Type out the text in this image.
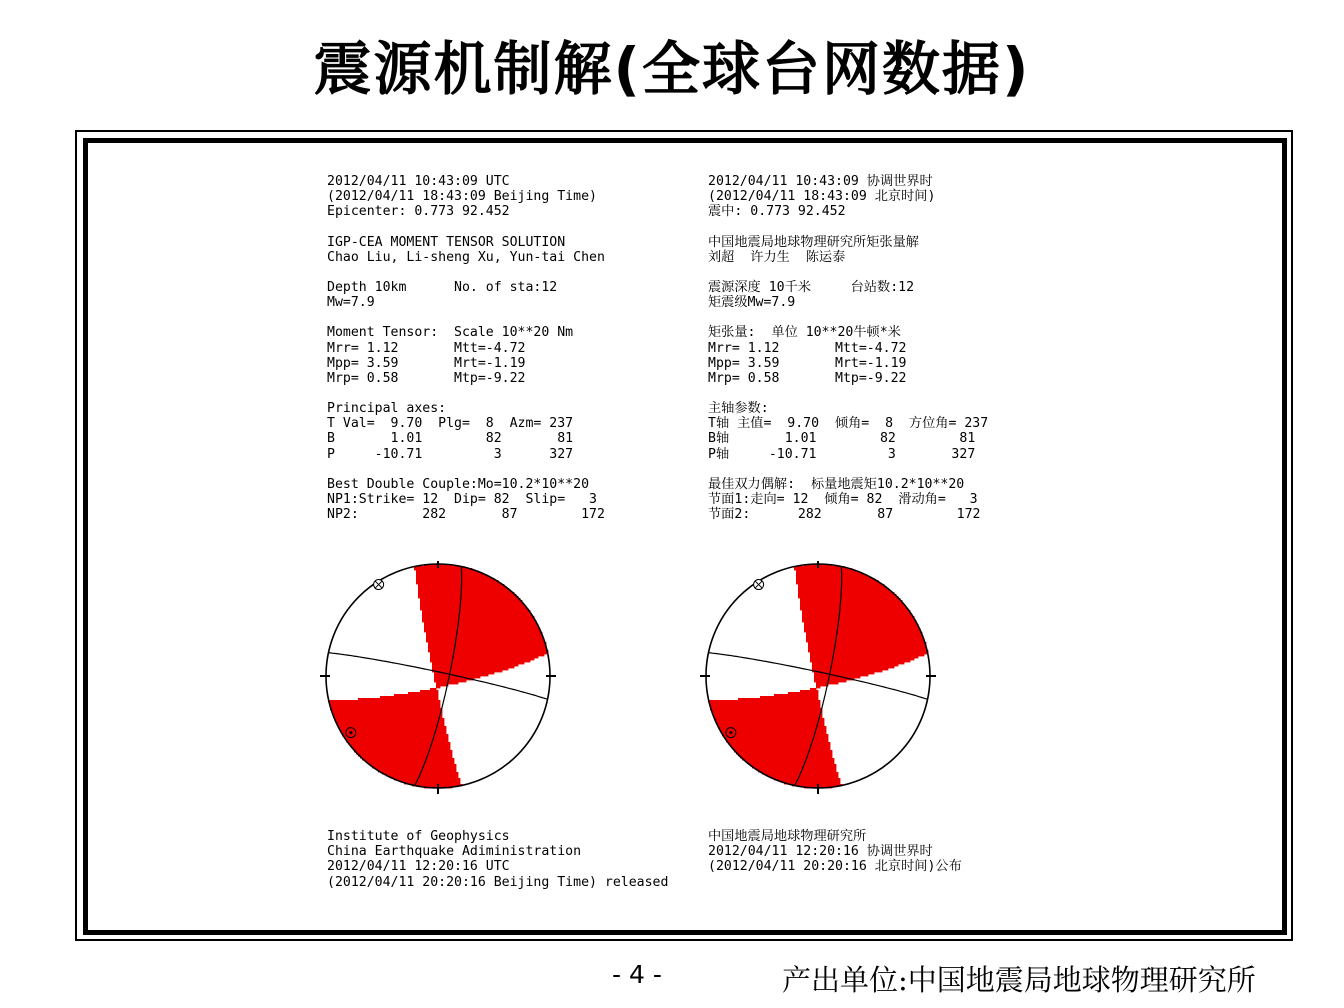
震源机制解(全球台网数据)
2012/04/11 10:43:09 UTC
(2012/04/11 18:43:09 Beijing Time)
Epicenter: 0.773 92.452
IGP-CEA MOMENT TENSOR SOLUTION
Chao Liu, Li-sheng Xu, Yun-tai Chen
Depth 10km      No. of sta:12
Mw=7.9
Moment Tensor:  Scale 10**20 Nm
Mrr= 1.12       Mtt=-4.72
Mpp= 3.59       Mrt=-1.19
Mrp= 0.58       Mtp=-9.22
Principal axes:
T Val=  9.70  Plg=  8  Azm= 237
B       1.01        82       81
P     -10.71         3      327
Best Double Couple:Mo=10.2*10**20
NP1:Strike= 12  Dip= 82  Slip=   3
NP2:        282       87        172
2012/04/11 10:43:09 协调世界时
(2012/04/11 18:43:09 北京时间)
震中: 0.773 92.452
中国地震局地球物理研究所矩张量解
刘超  许力生  陈运泰
震源深度 10千米     台站数:12
矩震级Mw=7.9
矩张量:  单位 10**20牛顿*米
Mrr= 1.12       Mtt=-4.72
Mpp= 3.59       Mrt=-1.19
Mrp= 0.58       Mtp=-9.22
主轴参数:
T轴 主值=  9.70  倾角=  8  方位角= 237
B轴       1.01        82        81
P轴     -10.71         3       327
最佳双力偶解:  标量地震矩10.2*10**20
节面1:走向= 12  倾角= 82  滑动角=   3
节面2:      282       87        172
Institute of Geophysics
China Earthquake Adiministration
2012/04/11 12:20:16 UTC
(2012/04/11 20:20:16 Beijing Time) released
中国地震局地球物理研究所
2012/04/11 12:20:16 协调世界时
(2012/04/11 20:20:16 北京时间)公布
- 4 -	产出单位:中国地震局地球物理研究所
